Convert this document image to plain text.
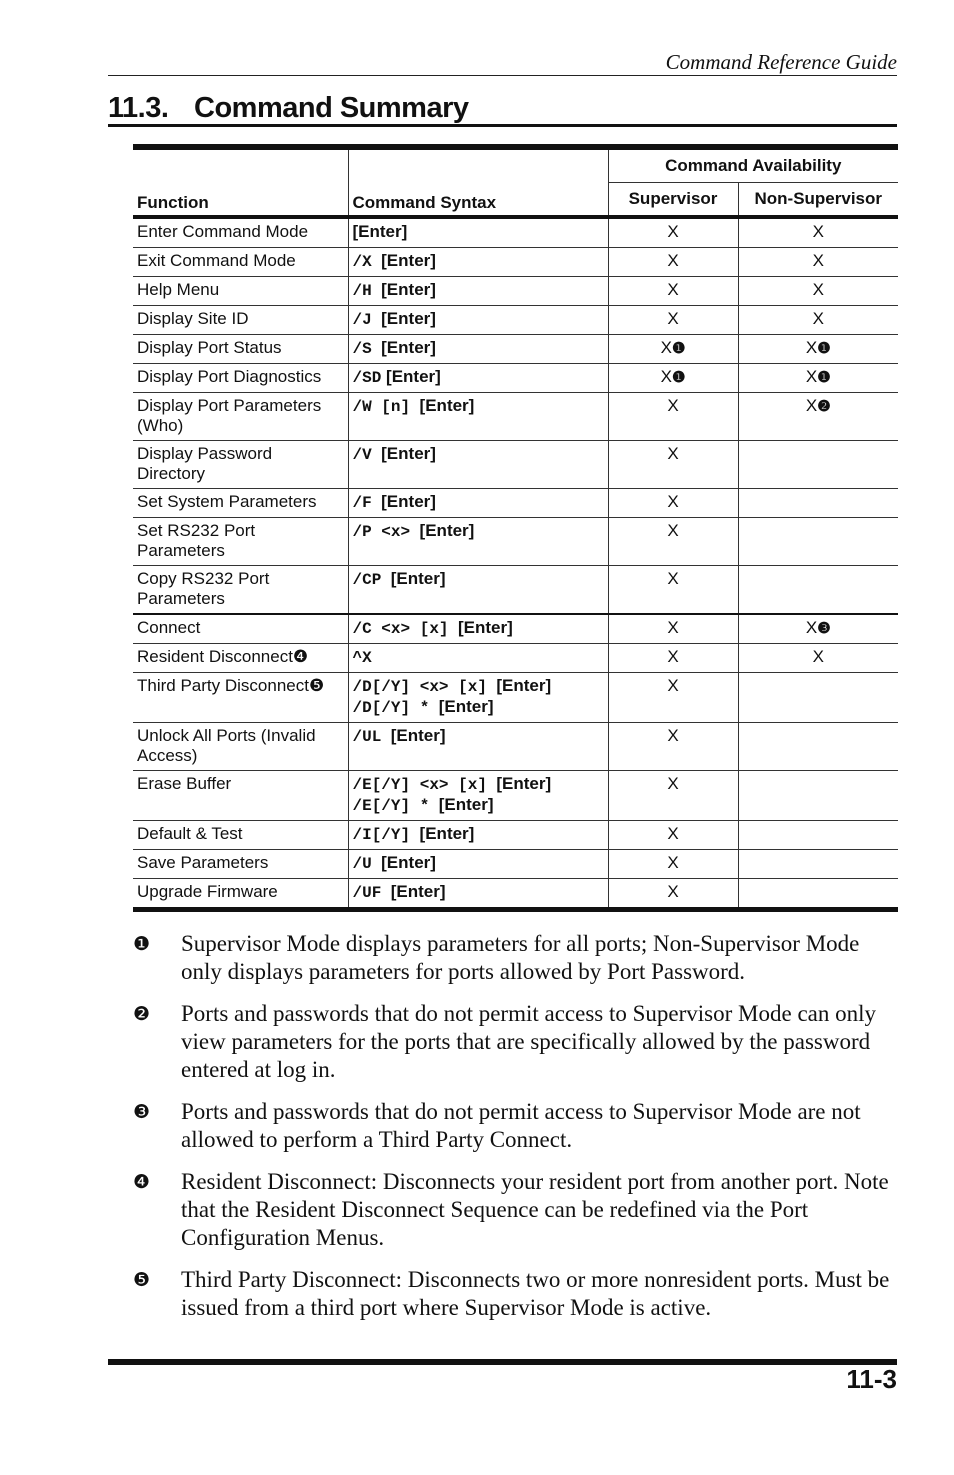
Command Reference Guide
11.3. Command Summary
Function	Command Syntax	Command Availability	
		Supervisor	Non-Supervisor
Enter Command Mode	[Enter]	X	X
Exit Command Mode	/X  [Enter]	X	X
Help Menu	/H  [Enter]	X	X
Display Site ID	/J  [Enter]	X	X
Display Port Status	/S  [Enter]	X❶	X❶
Display Port Diagnostics	/SD [Enter]	X❶	X❶
Display Port Parameters (Who)	/W [n]  [Enter]	X	X❷
Display Password Directory	/V  [Enter]	X	
Set System Parameters	/F  [Enter]	X	
Set RS232 Port Parameters	/P <x>  [Enter]	X	
Copy RS232 Port Parameters	/CP  [Enter]	X	
Connect	/C <x> [x]  [Enter]	X	X❸
Resident Disconnect❹	^X	X	X
Third Party Disconnect❺	/D[/Y] <x> [x]  [Enter]
/D[/Y] *  [Enter]	X	
Unlock All Ports (Invalid Access)	/UL  [Enter]	X	
Erase Buffer	/E[/Y] <x> [x]  [Enter]
/E[/Y] *  [Enter]	X	
Default & Test	/I[/Y]  [Enter]	X	
Save Parameters	/U  [Enter]	X	
Upgrade Firmware	/UF  [Enter]	X	
❶ Supervisor Mode displays parameters for all ports; Non-Supervisor Mode only displays parameters for ports allowed by Port Password.
❷ Ports and passwords that do not permit access to Supervisor Mode can only view parameters for the ports that are specifically allowed by the password entered at log in.
❸ Ports and passwords that do not permit access to Supervisor Mode are not allowed to perform a Third Party Connect.
❹ Resident Disconnect: Disconnects your resident port from another port. Note that the Resident Disconnect Sequence can be redefined via the Port Configuration Menus.
❺ Third Party Disconnect: Disconnects two or more nonresident ports. Must be issued from a third port where Supervisor Mode is active.
11-3
